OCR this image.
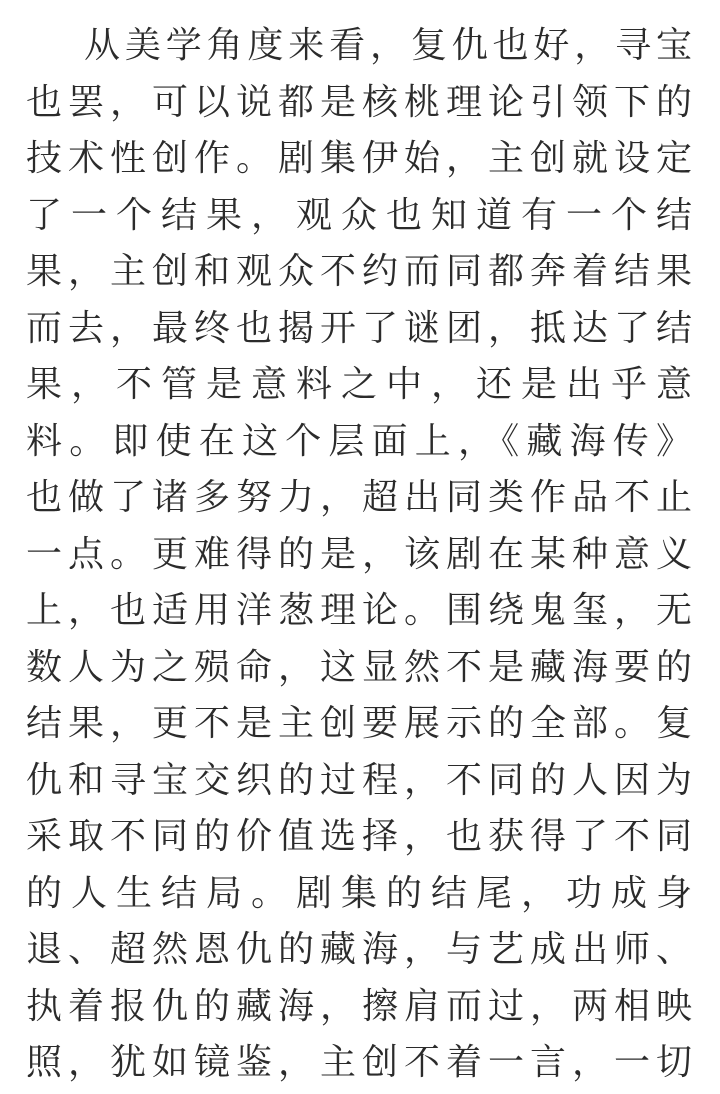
从美学角度来看，复仇也好，寻宝
也罢，可以说都是核桃理论引领下的
技术性创作。剧集伊始，主创就设定
了一个结果，观众也知道有一个结
果，主创和观众不约而同都奔着结果
而去，最终也揭开了谜团，抵达了结
果，不管是意料之中，还是出乎意
料。即使在这个层面上，《藏海传》
也做了诸多努力，超出同类作品不止
一点。更难得的是，该剧在某种意义
上，也适用洋葱理论。围绕鬼玺，无
数人为之殒命，这显然不是藏海要的
结果，更不是主创要展示的全部。复
仇和寻宝交织的过程，不同的人因为
采取不同的价值选择，也获得了不同
的人生结局。剧集的结尾，功成身
退、超然恩仇的藏海，与艺成出师、
执着报仇的藏海，擦肩而过，两相映
照，犹如镜鉴，主创不着一言，一切
